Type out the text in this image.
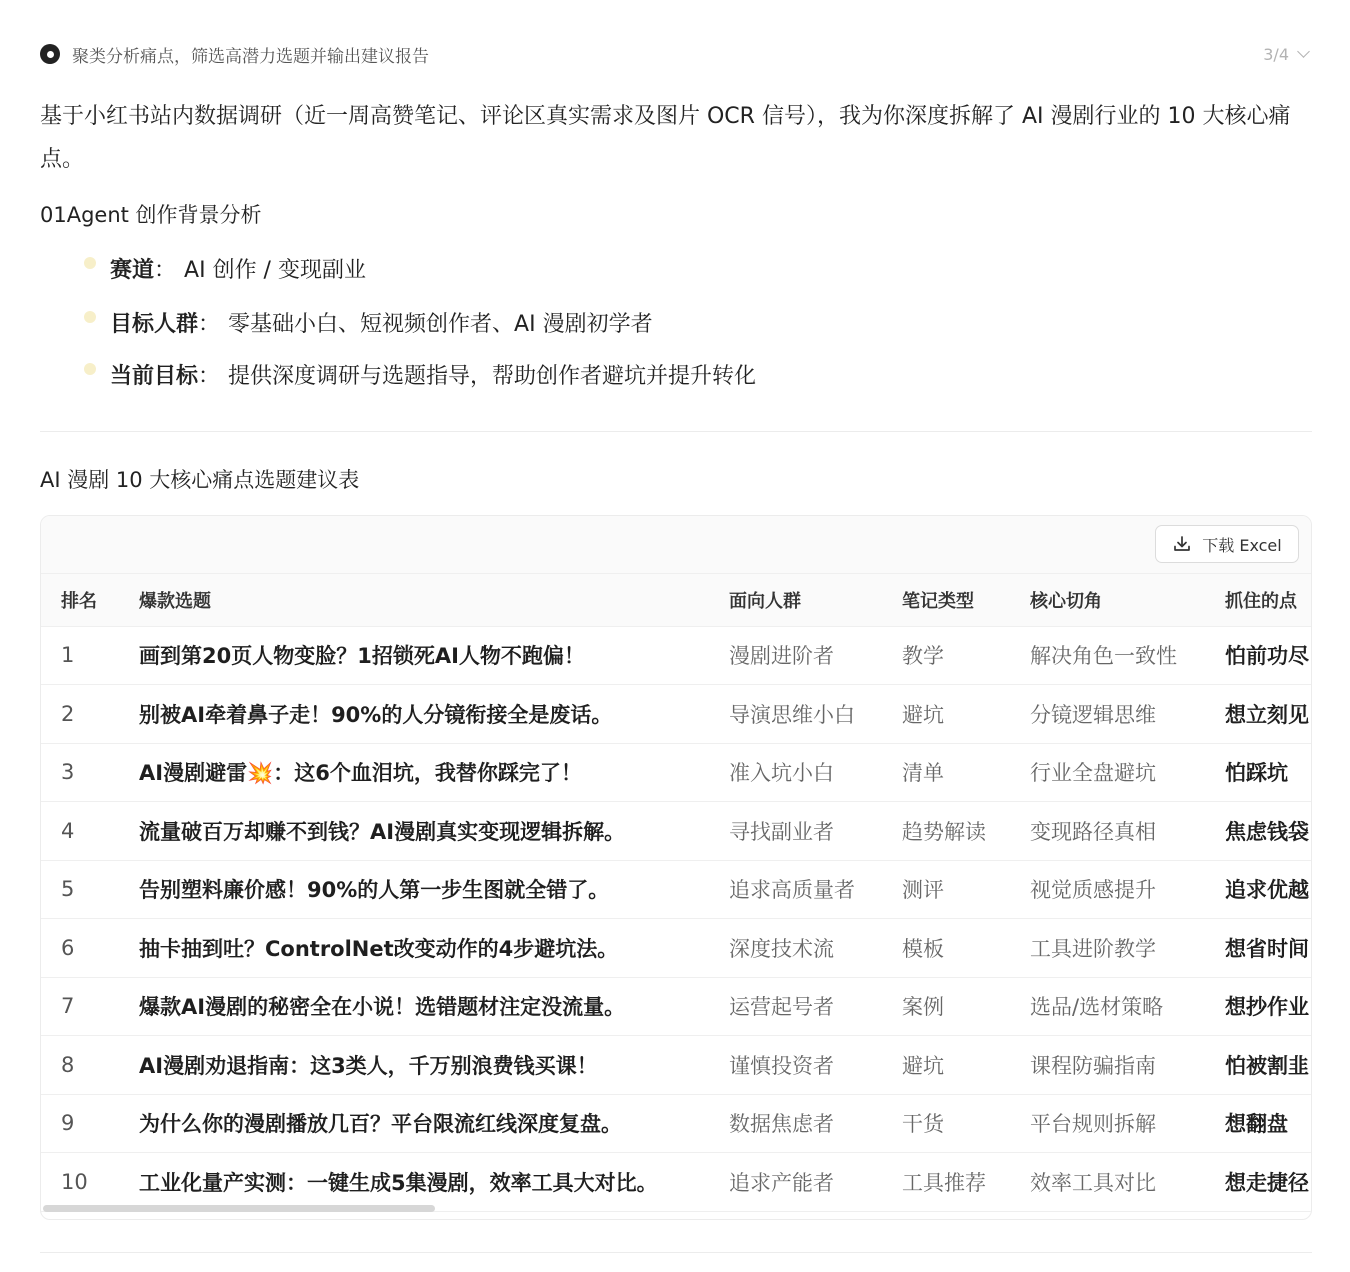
聚类分析痛点，筛选高潜力选题并输出建议报告	3/4

基于小红书站内数据调研（近一周高赞笔记、评论区真实需求及图片 OCR 信号），我为你深度拆解了 AI 漫剧行业的 10 大核心痛点。

01Agent 创作背景分析
赛道 ： AI 创作 / 变现副业
目标人群 ： 零基础小白、短视频创作者、AI 漫剧初学者
当前目标 ： 提供深度调研与选题指导，帮助创作者避坑并提升转化
AI 漫剧 10 大核心痛点选题建议表
下载 Excel
排名	爆款选题	面向人群	笔记类型	核心切角	抓住的点
1	画到第20页人物变脸？1招锁死AI人物不跑偏！	漫剧进阶者	教学	解决角色一致性	怕前功尽
2	别被AI牵着鼻子走！90%的人分镜衔接全是废话。	导演思维小白	避坑	分镜逻辑思维	想立刻见
3	AI漫剧避雷💥：这6个血泪坑，我替你踩完了！	准入坑小白	清单	行业全盘避坑	怕踩坑
4	流量破百万却赚不到钱？AI漫剧真实变现逻辑拆解。	寻找副业者	趋势解读	变现路径真相	焦虑钱袋
5	告别塑料廉价感！90%的人第一步生图就全错了。	追求高质量者	测评	视觉质感提升	追求优越
6	抽卡抽到吐？ControlNet改变动作的4步避坑法。	深度技术流	模板	工具进阶教学	想省时间
7	爆款AI漫剧的秘密全在小说！选错题材注定没流量。	运营起号者	案例	选品/选材策略	想抄作业
8	AI漫剧劝退指南：这3类人，千万别浪费钱买课！	谨慎投资者	避坑	课程防骗指南	怕被割韭
9	为什么你的漫剧播放几百？平台限流红线深度复盘。	数据焦虑者	干货	平台规则拆解	想翻盘
10	工业化量产实测：一键生成5集漫剧，效率工具大对比。	追求产能者	工具推荐	效率工具对比	想走捷径
